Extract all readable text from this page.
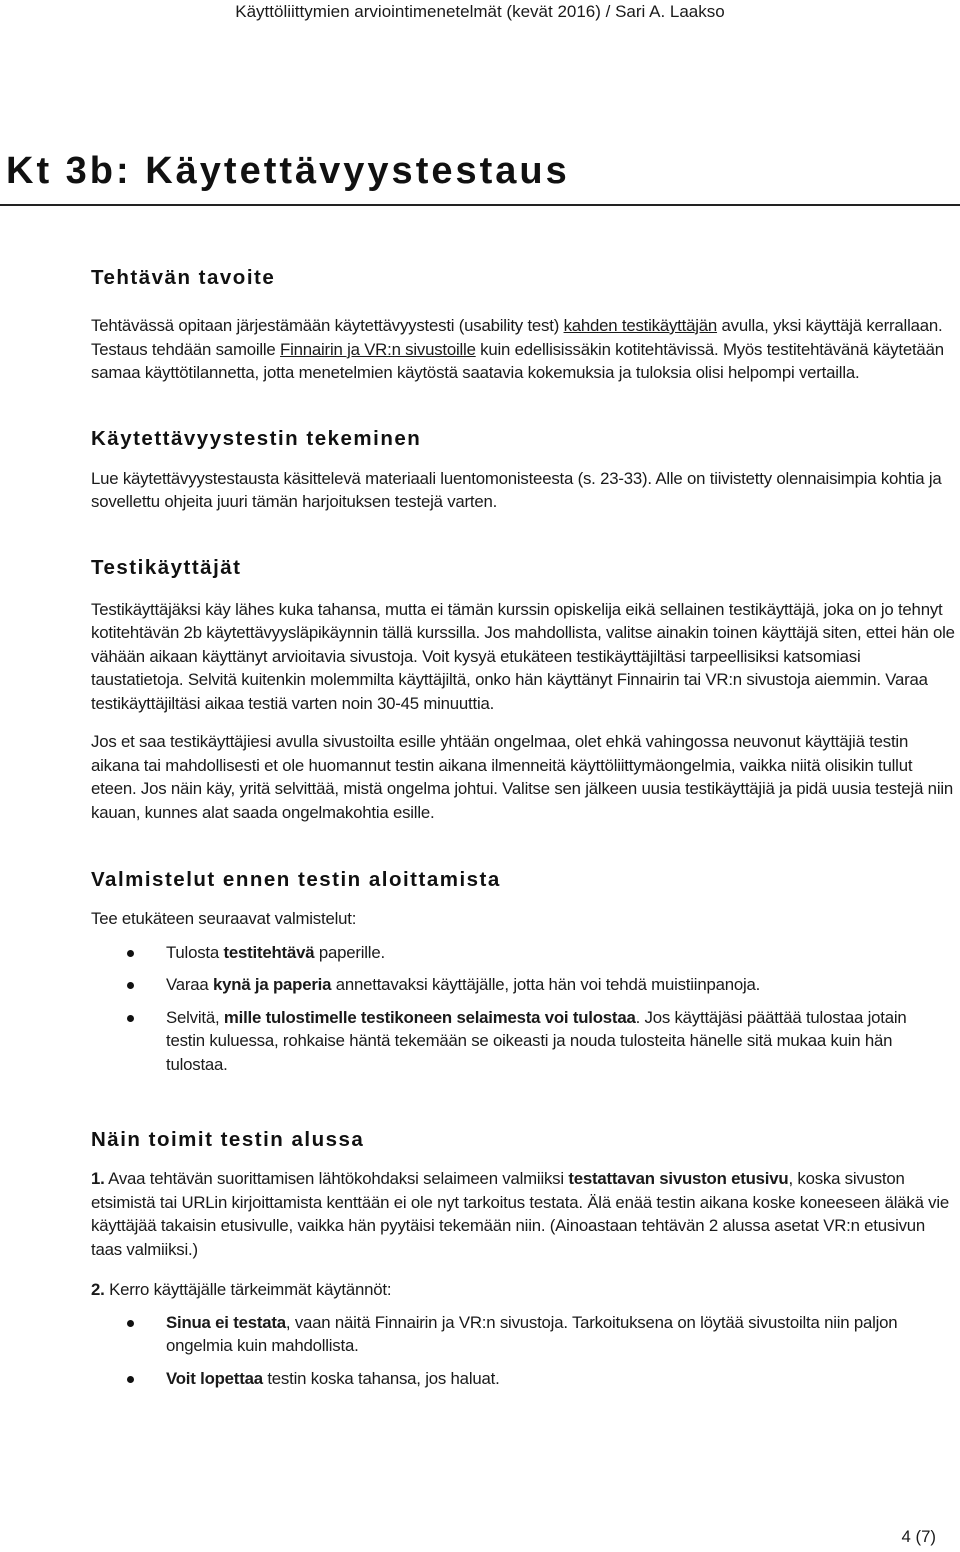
Käyttöliittymien arviointimenetelmät (kevät 2016) / Sari A. Laakso
Kt 3b: Käytettävyystestaus
Tehtävän tavoite

Tehtävässä opitaan järjestämään käytettävyystesti (usability test) kahden testikäyttäjän avulla, yksi käyttäjä kerrallaan. Testaus tehdään samoille Finnairin ja VR:n sivustoille kuin edellisissäkin kotitehtävissä. Myös testitehtävänä käytetään samaa käyttötilannetta, jotta menetelmien käytöstä saatavia kokemuksia ja tuloksia olisi helpompi vertailla.

Käytettävyystestin tekeminen

Lue käytettävyystestausta käsittelevä materiaali luentomonisteesta (s. 23-33). Alle on tiivistetty olennaisimpia kohtia ja sovellettu ohjeita juuri tämän harjoituksen testejä varten.

Testikäyttäjät

Testikäyttäjäksi käy lähes kuka tahansa, mutta ei tämän kurssin opiskelija eikä sellainen testikäyttäjä, joka on jo tehnyt kotitehtävän 2b käytettävyysläpikäynnin tällä kurssilla. Jos mahdollista, valitse ainakin toinen käyttäjä siten, ettei hän ole vähään aikaan käyttänyt arvioitavia sivustoja. Voit kysyä etukäteen testikäyttäjiltäsi tarpeellisiksi katsomiasi taustatietoja. Selvitä kuitenkin molemmilta käyttäjiltä, onko hän käyttänyt Finnairin tai VR:n sivustoja aiemmin. Varaa testikäyttäjiltäsi aikaa testiä varten noin 30-45 minuuttia.

Jos et saa testikäyttäjiesi avulla sivustoilta esille yhtään ongelmaa, olet ehkä vahingossa neuvonut käyttäjiä testin aikana tai mahdollisesti et ole huomannut testin aikana ilmenneitä käyttöliittymäongelmia, vaikka niitä olisikin tullut eteen. Jos näin käy, yritä selvittää, mistä ongelma johtui. Valitse sen jälkeen uusia testikäyttäjiä ja pidä uusia testejä niin kauan, kunnes alat saada ongelmakohtia esille.

Valmistelut ennen testin aloittamista

Tee etukäteen seuraavat valmistelut:

Tulosta testitehtävä paperille.
Varaa kynä ja paperia annettavaksi käyttäjälle, jotta hän voi tehdä muistiinpanoja.
Selvitä, mille tulostimelle testikoneen selaimesta voi tulostaa. Jos käyttäjäsi päättää tulostaa jotain testin kuluessa, rohkaise häntä tekemään se oikeasti ja nouda tulosteita hänelle sitä mukaa kuin hän tulostaa.
Näin toimit testin alussa

1. Avaa tehtävän suorittamisen lähtökohdaksi selaimeen valmiiksi testattavan sivuston etusivu, koska sivuston etsimistä tai URLin kirjoittamista kenttään ei ole nyt tarkoitus testata. Älä enää testin aikana koske koneeseen äläkä vie käyttäjää takaisin etusivulle, vaikka hän pyytäisi tekemään niin. (Ainoastaan tehtävän 2 alussa asetat VR:n etusivun taas valmiiksi.)

2. Kerro käyttäjälle tärkeimmät käytännöt:

Sinua ei testata, vaan näitä Finnairin ja VR:n sivustoja. Tarkoituksena on löytää sivustoilta niin paljon ongelmia kuin mahdollista.
Voit lopettaa testin koska tahansa, jos haluat.
4 (7)
